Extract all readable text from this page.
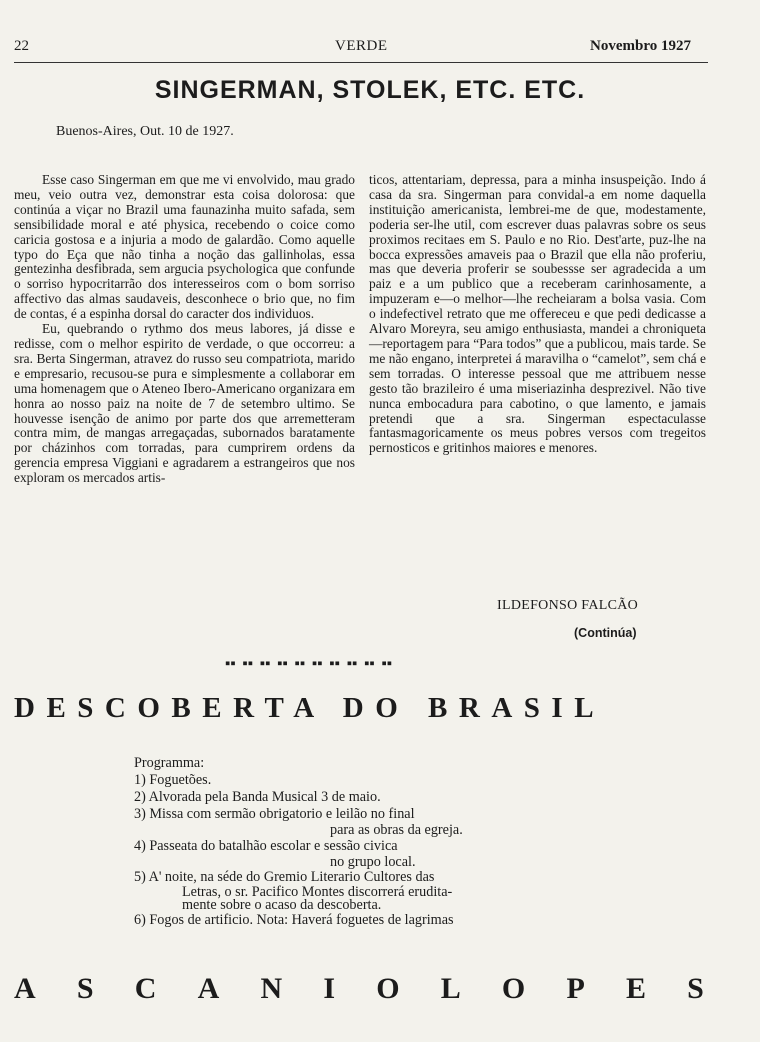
22	VERDE	Novembro 1927
SINGERMAN, STOLEK, ETC. ETC.
Buenos-Aires, Out. 10 de 1927.

Esse caso Singerman em que me vi envolvido, mau grado meu, veio outra vez, demonstrar esta coisa dolorosa: que continúa a viçar no Brazil uma faunazinha muito safada, sem sensibilidade moral e até physica, recebendo o coice como caricia gostosa e a injuria a modo de galardão. Como aquelle typo do Eça que não tinha a noção das gallinholas, essa gentezinha desfibrada, sem argucia psychologica que confunde o sorriso hypocritarrão dos interesseiros com o bom sorriso affectivo das almas saudaveis, desconhece o brio que, no fim de contas, é a espinha dorsal do caracter dos individuos.

Eu, quebrando o rythmo dos meus labores, já disse e redisse, com o melhor espirito de verdade, o que occorreu: a sra. Berta Singerman, atravez do russo seu compatriota, marido e empresario, recusou-se pura e simplesmente a collaborar em uma homenagem que o Ateneo Ibero-Americano organizara em honra ao nosso paiz na noite de 7 de setembro ultimo. Se houvesse isenção de animo por parte dos que arremetteram contra mim, de mangas arregaçadas, subornados baratamente por cházinhos com torradas, para cumprirem ordens da gerencia empresa Viggiani e agradarem a estrangeiros que nos exploram os mercados artis-

ticos, attentariam, depressa, para a minha insuspeição. Indo á casa da sra. Singerman para convidal-a em nome daquella instituição americanista, lembrei-me de que, modestamente, poderia ser-lhe util, com escrever duas palavras sobre os seus proximos recitaes em S. Paulo e no Rio. Dest'arte, puz-lhe na bocca expressões amaveis paa o Brazil que ella não proferiu, mas que deveria proferir se soubessse ser agradecida a um paiz e a um publico que a receberam carinhosamente, a impuzeram e—o melhor—lhe recheiaram a bolsa vasia. Com o indefectivel retrato que me offereceu e que pedi dedicasse a Alvaro Moreyra, seu amigo enthusiasta, mandei a chroniqueta—reportagem para “Para todos” que a publicou, mais tarde. Se me não engano, interpretei á maravilha o “camelot”, sem chá e sem torradas. O interesse pessoal que me attribuem nesse gesto tão brazileiro é uma miseriazinha desprezivel. Não tive nunca embocadura para cabotino, o que lamento, e jamais pretendi que a sra. Singerman espectaculasse fantasmagoricamente os meus pobres versos com tregeitos pernosticos e gritinhos maiores e menores.

ILDEFONSO FALCÃO
(Continúa)
▪▪ ▪▪ ▪▪ ▪▪ ▪▪ ▪▪ ▪▪ ▪▪ ▪▪ ▪▪
DESCOBERTA DO BRASIL
Programma:
1) Foguetões.
2) Alvorada pela Banda Musical 3 de maio.
3) Missa com sermão obrigatorio e leilão no final
para as obras da egreja.
4) Passeata do batalhão escolar e sessão civica
no grupo local.
5) A' noite, na séde do Gremio Literario Cultores das
Letras, o sr. Pacifico Montes discorrerá erudita-
mente sobre o acaso da descoberta.
6) Fogos de artificio. Nota: Haverá foguetes de lagrimas
A S C A N I O L O P E S
